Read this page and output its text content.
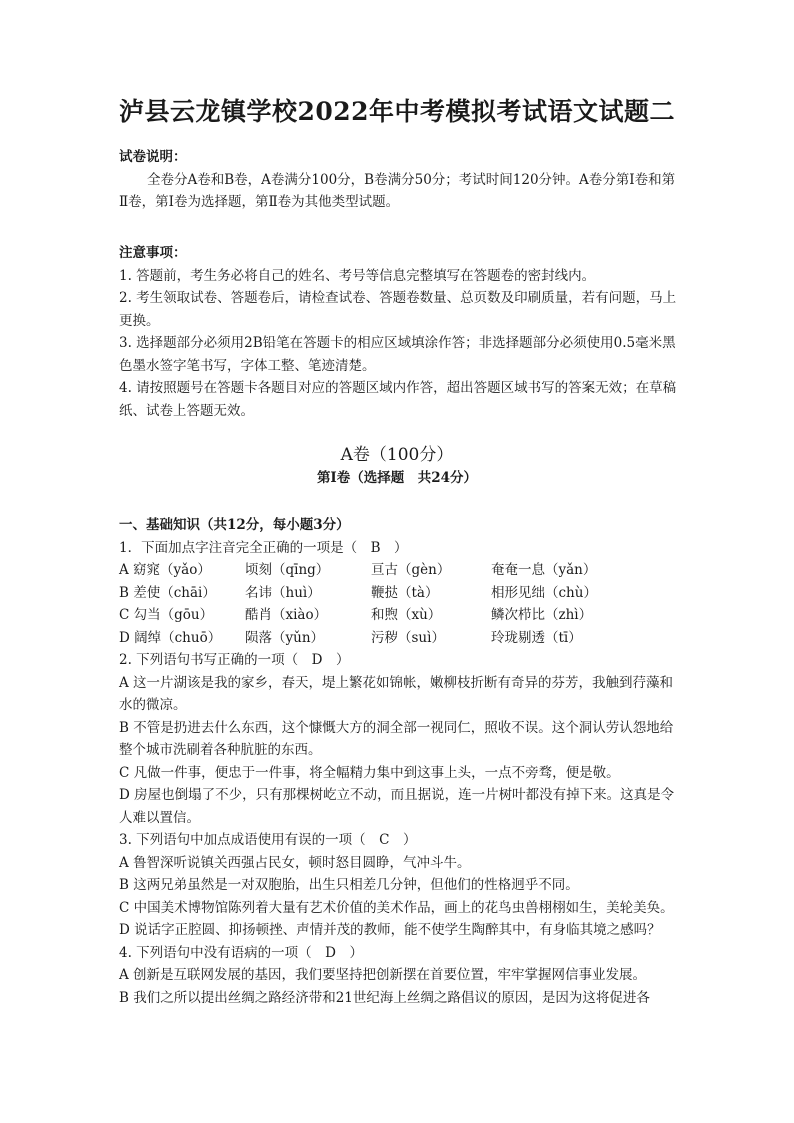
泸县云龙镇学校2022年中考模拟考试语文试题二
试卷说明：
全卷分A卷和B卷，A卷满分100分，B卷满分50分；考试时间120分钟。A卷分第Ⅰ卷和第Ⅱ卷，第Ⅰ卷为选择题，第Ⅱ卷为其他类型试题。
注意事项：
1. 答题前，考生务必将自己的姓名、考号等信息完整填写在答题卷的密封线内。
2. 考生领取试卷、答题卷后，请检查试卷、答题卷数量、总页数及印刷质量，若有问题，马上更换。
3. 选择题部分必须用2B铅笔在答题卡的相应区域填涂作答；非选择题部分必须使用0.5毫米黑色墨水签字笔书写，字体工整、笔迹清楚。
4. 请按照题号在答题卡各题目对应的答题区域内作答，超出答题区域书写的答案无效；在草稿纸、试卷上答题无效。
A卷（100分）
第Ⅰ卷（选择题　共24分）
一、基础知识（共12分，每小题3分）
1．下面加点字注音完全正确的一项是（　B　）
A 窈窕（yǎo）	顷刻（qīng）	亘古（gèn）	奄奄一息（yǎn）
B 差使（chāi）	名讳（huì）	鞭挞（tà）	相形见绌（chù）
C 勾当（gōu）	酷肖（xiào）	和煦（xù）	鳞次栉比（zhì）
D 阔绰（chuō）	陨落（yǔn）	污秽（suì）	玲珑剔透（tī）
2. 下列语句书写正确的一项（　D　）
A 这一片湖该是我的家乡，春天，堤上繁花如锦帐，嫩柳枝折断有奇异的芬芳，我触到荇藻和水的微凉。
B 不管是扔进去什么东西，这个慷慨大方的洞全部一视同仁，照收不误。这个洞认劳认怨地给整个城市洗刷着各种肮脏的东西。
C 凡做一件事，便忠于一件事，将全幅精力集中到这事上头，一点不旁骛，便是敬。
D 房屋也倒塌了不少，只有那棵树屹立不动，而且据说，连一片树叶都没有掉下来。这真是令人难以置信。
3. 下列语句中加点成语使用有误的一项（　C　）
A 鲁智深听说镇关西强占民女，顿时怒目圆睁，气冲斗牛。
B 这两兄弟虽然是一对双胞胎，出生只相差几分钟，但他们的性格迥乎不同。
C 中国美术博物馆陈列着大量有艺术价值的美术作品，画上的花鸟虫兽栩栩如生，美轮美奂。
D 说话字正腔圆、抑扬顿挫、声情并茂的教师，能不使学生陶醉其中，有身临其境之感吗？
4. 下列语句中没有语病的一项（　D　）
A 创新是互联网发展的基因，我们要坚持把创新摆在首要位置，牢牢掌握网信事业发展。
B 我们之所以提出丝绸之路经济带和21世纪海上丝绸之路倡议的原因，是因为这将促进各
